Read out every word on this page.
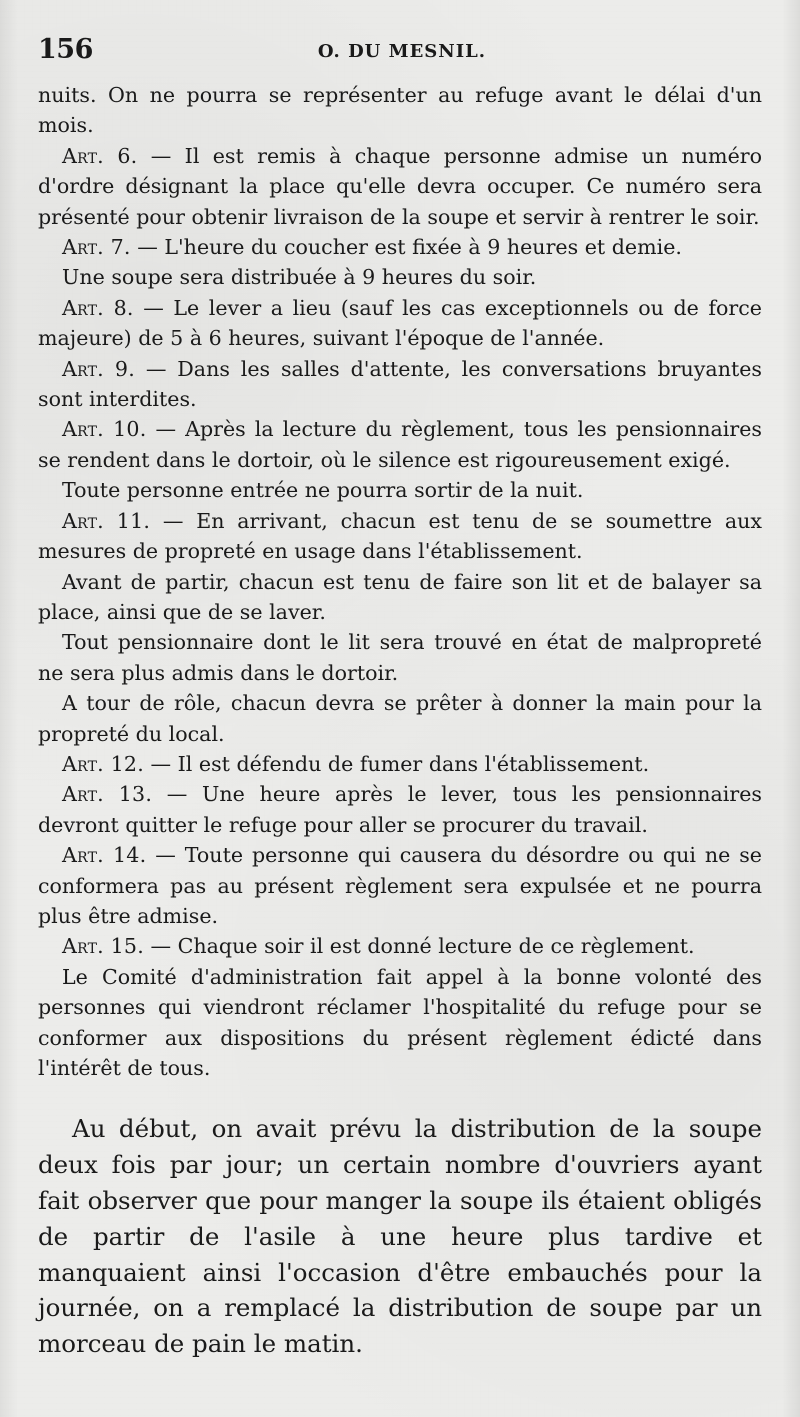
156	O. DU MESNIL.

nuits. On ne pourra se représenter au refuge avant le délai d'un mois.

Art. 6. — Il est remis à chaque personne admise un numéro d'ordre désignant la place qu'elle devra occuper. Ce numéro sera présenté pour obtenir livraison de la soupe et servir à rentrer le soir.

Art. 7. — L'heure du coucher est fixée à 9 heures et demie.

Une soupe sera distribuée à 9 heures du soir.

Art. 8. — Le lever a lieu (sauf les cas exceptionnels ou de force majeure) de 5 à 6 heures, suivant l'époque de l'année.

Art. 9. — Dans les salles d'attente, les conversations bruyantes sont interdites.

Art. 10. — Après la lecture du règlement, tous les pensionnaires se rendent dans le dortoir, où le silence est rigoureusement exigé.

Toute personne entrée ne pourra sortir de la nuit.

Art. 11. — En arrivant, chacun est tenu de se soumettre aux mesures de propreté en usage dans l'établissement.

Avant de partir, chacun est tenu de faire son lit et de balayer sa place, ainsi que de se laver.

Tout pensionnaire dont le lit sera trouvé en état de malpropreté ne sera plus admis dans le dortoir.

A tour de rôle, chacun devra se prêter à donner la main pour la propreté du local.

Art. 12. — Il est défendu de fumer dans l'établissement.

Art. 13. — Une heure après le lever, tous les pensionnaires devront quitter le refuge pour aller se procurer du travail.

Art. 14. — Toute personne qui causera du désordre ou qui ne se conformera pas au présent règlement sera expulsée et ne pourra plus être admise.

Art. 15. — Chaque soir il est donné lecture de ce règlement.

Le Comité d'administration fait appel à la bonne volonté des personnes qui viendront réclamer l'hospitalité du refuge pour se conformer aux dispositions du présent règlement édicté dans l'intérêt de tous.

Au début, on avait prévu la distribution de la soupe deux fois par jour; un certain nombre d'ouvriers ayant fait observer que pour manger la soupe ils étaient obligés de partir de l'asile à une heure plus tardive et manquaient ainsi l'occasion d'être embauchés pour la journée, on a remplacé la distribution de soupe par un morceau de pain le matin.
